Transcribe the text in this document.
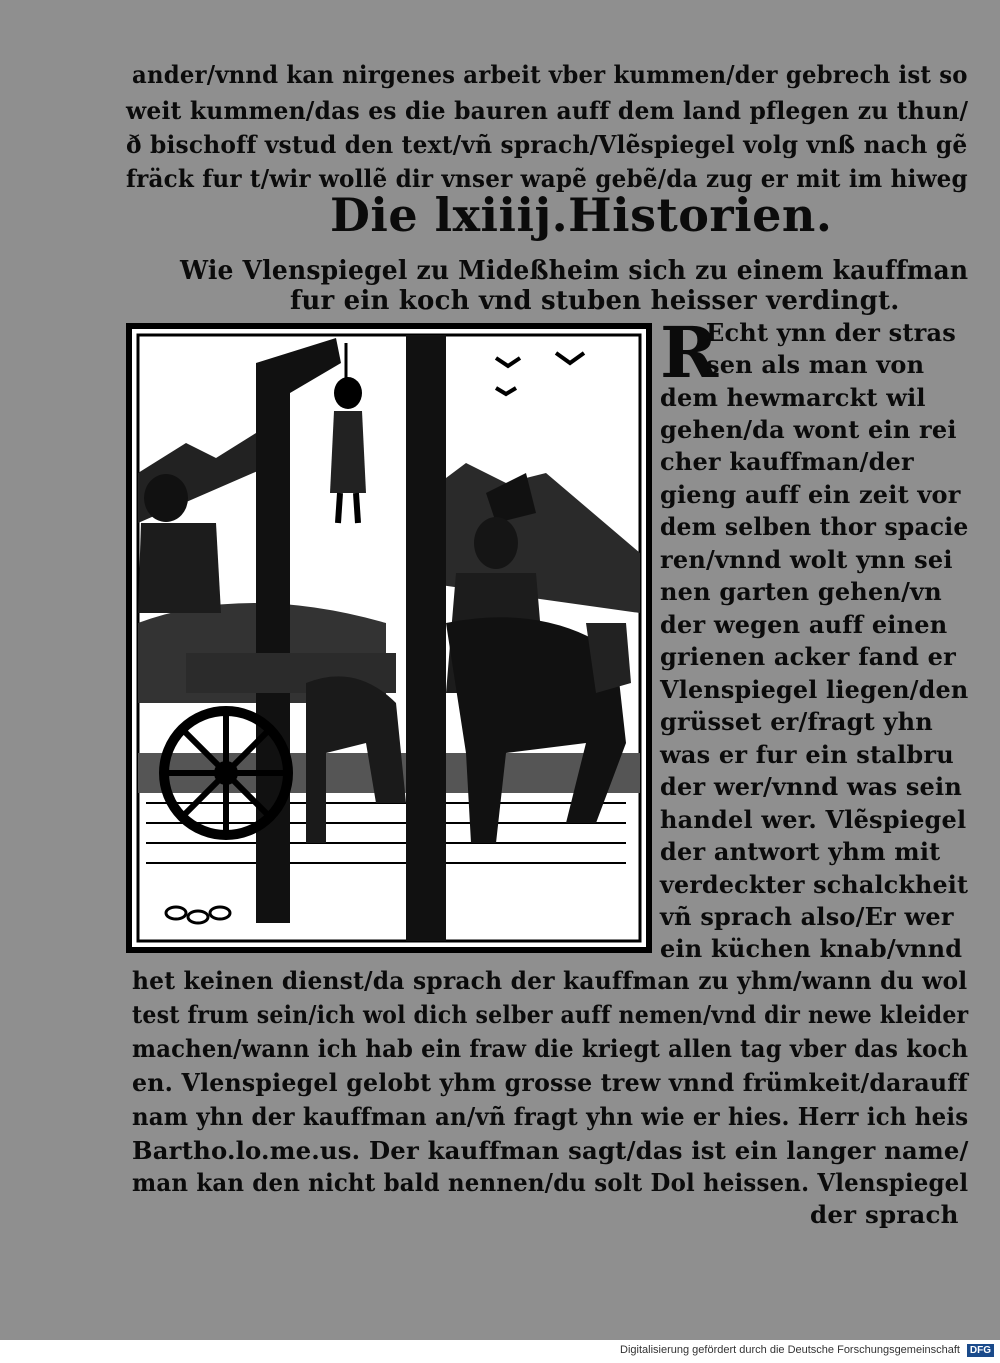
ander/vnnd kan nirgenes arbeit vber kummen/der gebrech ist so
weit kummen/das es die bauren auff dem land pflegen zu thun/
ð bischoff vstud den text/vñ sprach/Vlẽspiegel volg vnß nach gẽ
fräck fur t/wir wollẽ dir vnser wapẽ gebẽ/da zug er mit im hiweg
Die lxiiij.Historien.
Wie Vlenspiegel zu Mideßheim sich zu einem kauffman
fur ein koch vnd stuben heisser verdingt.
R
Echt ynn der stras
sen als man von
dem hewmarckt wil
gehen/da wont ein rei
cher kauffman/der
gieng auff ein zeit vor
dem selben thor spacie
ren/vnnd wolt ynn sei
nen garten gehen/vn
der wegen auff einen
grienen acker fand er
Vlenspiegel liegen/den
grüsset er/fragt yhn
was er fur ein stalbru
der wer/vnnd was sein
handel wer. Vlẽspiegel
der antwort yhm mit
verdeckter schalckheit
vñ sprach also/Er wer
ein küchen knab/vnnd
het keinen dienst/da sprach der kauffman zu yhm/wann du wol
test frum sein/ich wol dich selber auff nemen/vnd dir newe kleider
machen/wann ich hab ein fraw die kriegt allen tag vber das koch
en. Vlenspiegel gelobt yhm grosse trew vnnd frümkeit/darauff
nam yhn der kauffman an/vñ fragt yhn wie er hies. Herr ich heis
Bartho.lo.me.us. Der kauffman sagt/das ist ein langer name/
man kan den nicht bald nennen/du solt Dol heissen. Vlenspiegel
der sprach
Digitalisierung gefördert durch die Deutsche Forschungsgemeinschaft DFG
